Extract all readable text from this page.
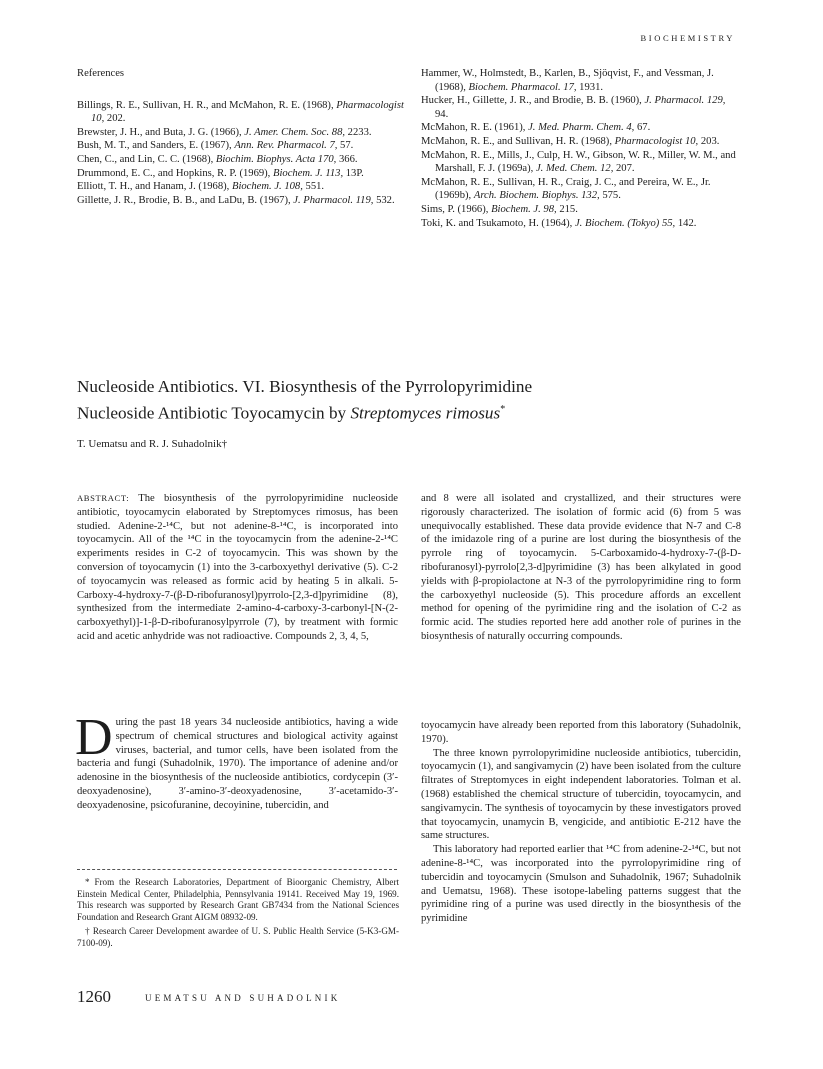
BIOCHEMISTRY
References

Billings, R. E., Sullivan, H. R., and McMahon, R. E. (1968), Pharmacologist 10, 202.

Brewster, J. H., and Buta, J. G. (1966), J. Amer. Chem. Soc. 88, 2233.

Bush, M. T., and Sanders, E. (1967), Ann. Rev. Pharmacol. 7, 57.

Chen, C., and Lin, C. C. (1968), Biochim. Biophys. Acta 170, 366.

Drummond, E. C., and Hopkins, R. P. (1969), Biochem. J. 113, 13P.

Elliott, T. H., and Hanam, J. (1968), Biochem. J. 108, 551.

Gillette, J. R., Brodie, B. B., and LaDu, B. (1967), J. Pharmacol. 119, 532.

Hammer, W., Holmstedt, B., Karlen, B., Sjöqvist, F., and Vessman, J. (1968), Biochem. Pharmacol. 17, 1931.

Hucker, H., Gillette, J. R., and Brodie, B. B. (1960), J. Pharmacol. 129, 94.

McMahon, R. E. (1961), J. Med. Pharm. Chem. 4, 67.

McMahon, R. E., and Sullivan, H. R. (1968), Pharmacologist 10, 203.

McMahon, R. E., Mills, J., Culp, H. W., Gibson, W. R., Miller, W. M., and Marshall, F. J. (1969a), J. Med. Chem. 12, 207.

McMahon, R. E., Sullivan, H. R., Craig, J. C., and Pereira, W. E., Jr. (1969b), Arch. Biochem. Biophys. 132, 575.

Sims, P. (1966), Biochem. J. 98, 215.

Toki, K. and Tsukamoto, H. (1964), J. Biochem. (Tokyo) 55, 142.

Nucleoside Antibiotics. VI. Biosynthesis of the Pyrrolopyrimidine
Nucleoside Antibiotic Toyocamycin by Streptomyces rimosus*
T. Uematsu and R. J. Suhadolnik†

ABSTRACT: The biosynthesis of the pyrrolopyrimidine nucleoside antibiotic, toyocamycin elaborated by Streptomyces rimosus, has been studied. Adenine-2-¹⁴C, but not adenine-8-¹⁴C, is incorporated into toyocamycin. All of the ¹⁴C in the toyocamycin from the adenine-2-¹⁴C experiments resides in C-2 of toyocamycin. This was shown by the conversion of toyocamycin (1) into the 3-carboxyethyl derivative (5). C-2 of toyocamycin was released as formic acid by heating 5 in alkali. 5-Carboxy-4-hydroxy-7-(β-D-ribofuranosyl)pyrrolo-[2,3-d]pyrimidine (8), synthesized from the intermediate 2-amino-4-carboxy-3-carbonyl-[N-(2-carboxyethyl)]-1-β-D-ribofuranosylpyrrole (7), by treatment with formic acid and acetic anhydride was not radioactive. Compounds 2, 3, 4, 5,

and 8 were all isolated and crystallized, and their structures were rigorously characterized. The isolation of formic acid (6) from 5 was unequivocally established. These data provide evidence that N-7 and C-8 of the imidazole ring of a purine are lost during the biosynthesis of the pyrrole ring of toyocamycin. 5-Carboxamido-4-hydroxy-7-(β-D-ribofuranosyl)-pyrrolo[2,3-d]pyrimidine (3) has been alkylated in good yields with β-propiolactone at N-3 of the pyrrolopyrimidine ring to form the carboxyethyl nucleoside (5). This procedure affords an excellent method for opening of the pyrimidine ring and the isolation of C-2 as formic acid. The studies reported here add another role of purines in the biosynthesis of naturally occurring compounds.

D uring the past 18 years 34 nucleoside antibiotics, having a wide spectrum of chemical structures and biological activity against viruses, bacterial, and tumor cells, have been isolated from the bacteria and fungi (Suhadolnik, 1970). The importance of adenine and/or adenosine in the biosynthesis of the nucleoside antibiotics, cordycepin (3′-deoxyadenosine), 3′-amino-3′-deoxyadenosine, 3′-acetamido-3′-deoxyadenosine, psicofuranine, decoyinine, tubercidin, and

toyocamycin have already been reported from this laboratory (Suhadolnik, 1970).

The three known pyrrolopyrimidine nucleoside antibiotics, tubercidin, toyocamycin (1), and sangivamycin (2) have been isolated from the culture filtrates of Streptomyces in eight independent laboratories. Tolman et al. (1968) established the chemical structure of tubercidin, toyocamycin, and sangivamycin. The synthesis of toyocamycin by these investigators proved that toyocamycin, unamycin B, vengicide, and antibiotic E-212 have the same structures.

This laboratory had reported earlier that ¹⁴C from adenine-2-¹⁴C, but not adenine-8-¹⁴C, was incorporated into the pyrrolopyrimidine ring of tubercidin and toyocamycin (Smulson and Suhadolnik, 1967; Suhadolnik and Uematsu, 1968). These isotope-labeling patterns suggest that the pyrimidine ring of a purine was used directly in the biosynthesis of the pyrimidine

* From the Research Laboratories, Department of Bioorganic Chemistry, Albert Einstein Medical Center, Philadelphia, Pennsylvania 19141. Received May 19, 1969. This research was supported by Research Grant GB7434 from the National Sciences Foundation and Research Grant AIGM 08932-09.

† Research Career Development awardee of U. S. Public Health Service (5-K3-GM-7100-09).

1260	UEMATSU AND SUHADOLNIK
